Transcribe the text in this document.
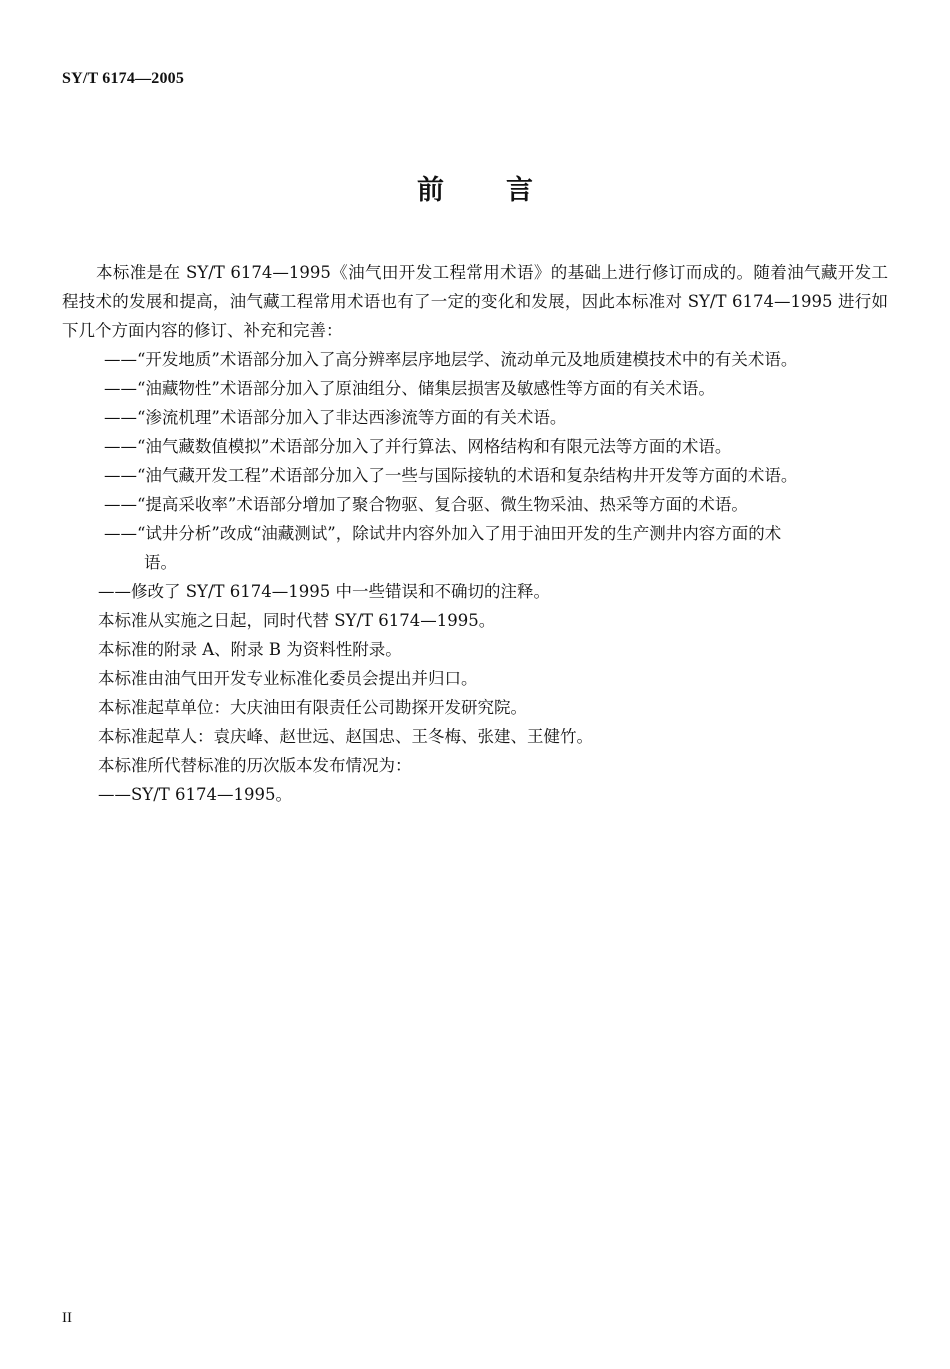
SY/T 6174—2005
前 言

本标准是在 SY/T 6174—1995《油气田开发工程常用术语》的基础上进行修订而成的。随着油气藏开发工程技术的发展和提高，油气藏工程常用术语也有了一定的变化和发展，因此本标准对 SY/T 6174—1995 进行如下几个方面内容的修订、补充和完善：

——“开发地质”术语部分加入了高分辨率层序地层学、流动单元及地质建模技术中的有关术语。

——“油藏物性”术语部分加入了原油组分、储集层损害及敏感性等方面的有关术语。

——“渗流机理”术语部分加入了非达西渗流等方面的有关术语。

——“油气藏数值模拟”术语部分加入了并行算法、网格结构和有限元法等方面的术语。

——“油气藏开发工程”术语部分加入了一些与国际接轨的术语和复杂结构井开发等方面的术语。

——“提高采收率”术语部分增加了聚合物驱、复合驱、微生物采油、热采等方面的术语。

——“试井分析”改成“油藏测试”，除试井内容外加入了用于油田开发的生产测井内容方面的术
语。

——修改了 SY/T 6174—1995 中一些错误和不确切的注释。

本标准从实施之日起，同时代替 SY/T 6174—1995。

本标准的附录 A、附录 B 为资料性附录。

本标准由油气田开发专业标准化委员会提出并归口。

本标准起草单位：大庆油田有限责任公司勘探开发研究院。

本标准起草人：袁庆峰、赵世远、赵国忠、王冬梅、张建、王健竹。

本标准所代替标准的历次版本发布情况为：

——SY/T 6174—1995。

II
